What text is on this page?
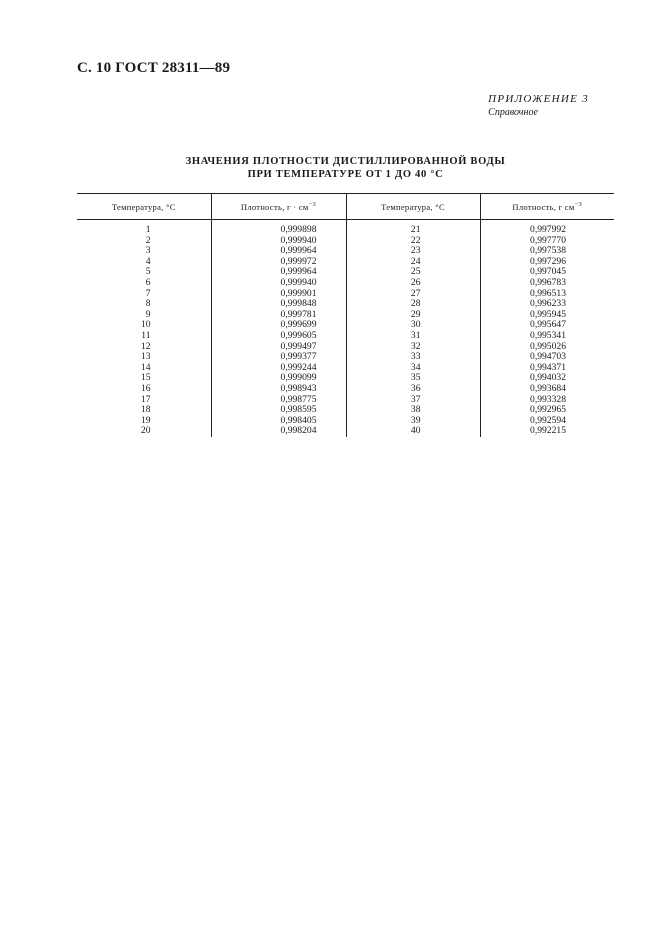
С. 10 ГОСТ 28311—89
ПРИЛОЖЕНИЕ 3
Справочное
ЗНАЧЕНИЯ ПЛОТНОСТИ ДИСТИЛЛИРОВАННОЙ ВОДЫ
ПРИ ТЕМПЕРАТУРЕ ОТ 1 ДО 40 °С
Температура, °С	Плотность, $г \cdot см^{-3}$	Температура, °С	Плотность, г $см^{-3}$

1	0,999898	21	0,997992
2	0,999940	22	0,997770
3	0,999964	23	0,997538
4	0,999972	24	0,997296
5	0,999964	25	0,997045
6	0,999940	26	0,996783
7	0,999901	27	0,996513
8	0,999848	28	0,996233
9	0,999781	29	0,995945
10	0,999699	30	0,995647
11	0,999605	31	0,995341
12	0,999497	32	0,995026
13	0,999377	33	0,994703
14	0,999244	34	0,994371
15	0,999099	35	0,994032
16	0,998943	36	0,993684
17	0,998775	37	0,993328
18	0,998595	38	0,992965
19	0,998405	39	0,992594
20	0,998204	40	0,992215
